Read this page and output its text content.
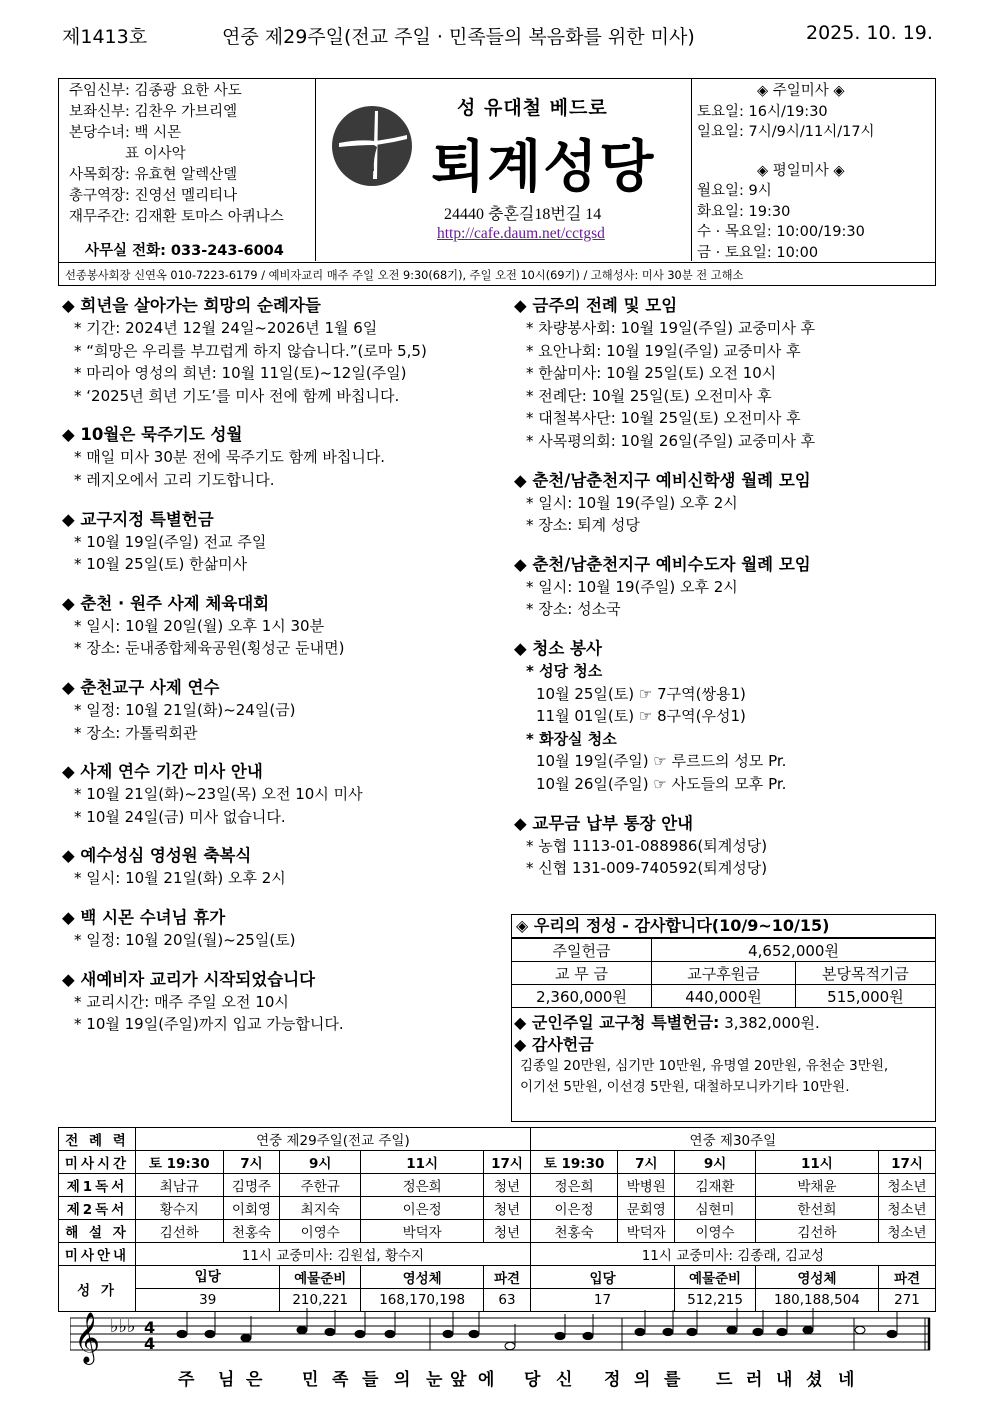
제1413호	연중 제29주일(전교 주일 · 민족들의 복음화를 위한 미사)	2025. 10. 19.
주임신부: 김종광 요한 사도
보좌신부: 김찬우 가브리엘
본당수녀: 백 시몬
표 이사악
사목회장: 유효현 알렉산델
총구역장: 진영선 멜리티나
재무주간: 김재환 토마스 아퀴나스
사무실 전화: 033-243-6004
성 유대철 베드로
퇴계성당
24440 충혼길18번길 14
http://cafe.daum.net/cctgsd
◈ 주일미사 ◈
토요일: 16시/19:30
일요일: 7시/9시/11시/17시
◈ 평일미사 ◈
월요일: 9시
화요일: 19:30
수 · 목요일: 10:00/19:30
금 · 토요일: 10:00
선종봉사회장 신연옥 010-7223-6179 / 예비자교리 매주 주일 오전 9:30(68기), 주일 오전 10시(69기) / 고해성사: 미사 30분 전 고해소
◆ 희년을 살아가는 희망의 순례자들
* 기간: 2024년 12월 24일~2026년 1월 6일
* “희망은 우리를 부끄럽게 하지 않습니다.”(로마 5,5)
* 마리아 영성의 희년: 10월 11일(토)~12일(주일)
* ‘2025년 희년 기도’를 미사 전에 함께 바칩니다.
◆ 10월은 묵주기도 성월
* 매일 미사 30분 전에 묵주기도 함께 바칩니다.
* 레지오에서 고리 기도합니다.
◆ 교구지정 특별헌금
* 10월 19일(주일) 전교 주일
* 10월 25일(토) 한삶미사
◆ 춘천 · 원주 사제 체육대회
* 일시: 10월 20일(월) 오후 1시 30분
* 장소: 둔내종합체육공원(횡성군 둔내면)
◆ 춘천교구 사제 연수
* 일정: 10월 21일(화)~24일(금)
* 장소: 가톨릭회관
◆ 사제 연수 기간 미사 안내
* 10월 21일(화)~23일(목) 오전 10시 미사
* 10월 24일(금) 미사 없습니다.
◆ 예수성심 영성원 축복식
* 일시: 10월 21일(화) 오후 2시
◆ 백 시몬 수녀님 휴가
* 일정: 10월 20일(월)~25일(토)
◆ 새예비자 교리가 시작되었습니다
* 교리시간: 매주 주일 오전 10시
* 10월 19일(주일)까지 입교 가능합니다.
◆ 금주의 전례 및 모임
* 차량봉사회: 10월 19일(주일) 교중미사 후
* 요안나회: 10월 19일(주일) 교중미사 후
* 한삶미사: 10월 25일(토) 오전 10시
* 전례단: 10월 25일(토) 오전미사 후
* 대철복사단: 10월 25일(토) 오전미사 후
* 사목평의회: 10월 26일(주일) 교중미사 후
◆ 춘천/남춘천지구 예비신학생 월례 모임
* 일시: 10월 19(주일) 오후 2시
* 장소: 퇴계 성당
◆ 춘천/남춘천지구 예비수도자 월례 모임
* 일시: 10월 19(주일) 오후 2시
* 장소: 성소국
◆ 청소 봉사
* 성당 청소
10월 25일(토) ☞ 7구역(쌍용1)
11월 01일(토) ☞ 8구역(우성1)
* 화장실 청소
10월 19일(주일) ☞ 루르드의 성모 Pr.
10월 26일(주일) ☞ 사도들의 모후 Pr.
◆ 교무금 납부 통장 안내
* 농협 1113-01-088986(퇴계성당)
* 신협 131-009-740592(퇴계성당)
◈ 우리의 정성 - 감사합니다(10/9~10/15)
주일헌금	4,652,000원	
교 무 금	교구후원금	본당목적기금
2,360,000원	440,000원	515,000원
◆ 군인주일 교구청 특별헌금: 3,382,000원.
◆ 감사헌금
김종일 20만원, 심기만 10만원, 유명열 20만원, 유천순 3만원,
이기선 5만원, 이선경 5만원, 대철하모니카기타 10만원.
전 례 력	연중 제29주일(전교 주일)					연중 제30주일				
미사시간	토 19:30	7시	9시	11시	17시	토 19:30	7시	9시	11시	17시
제1독서	최남규	김명주	주한규	정은희	청년	정은희	박병원	김재환	박채윤	청소년
제2독서	황수지	이회영	최지숙	이은정	청년	이은정	문회영	심현미	한선희	청소년
해 설 자	김선하	천홍숙	이영수	박덕자	청년	천홍숙	박덕자	이영수	김선하	청소년
미사안내	11시 교중미사: 김원섭, 황수지					11시 교중미사: 김종래, 김교성				
성 가	입당		예물준비	영성체	파견	입당		예물준비	영성체	파견
	39		210,221	168,170,198	63	17		512,215	180,188,504	271
𝄞 ♭♭♭ 4
4
주 님 은 민 족 들 의 눈 앞 에 당 신 정 의 를 드 러 내 셨 네
